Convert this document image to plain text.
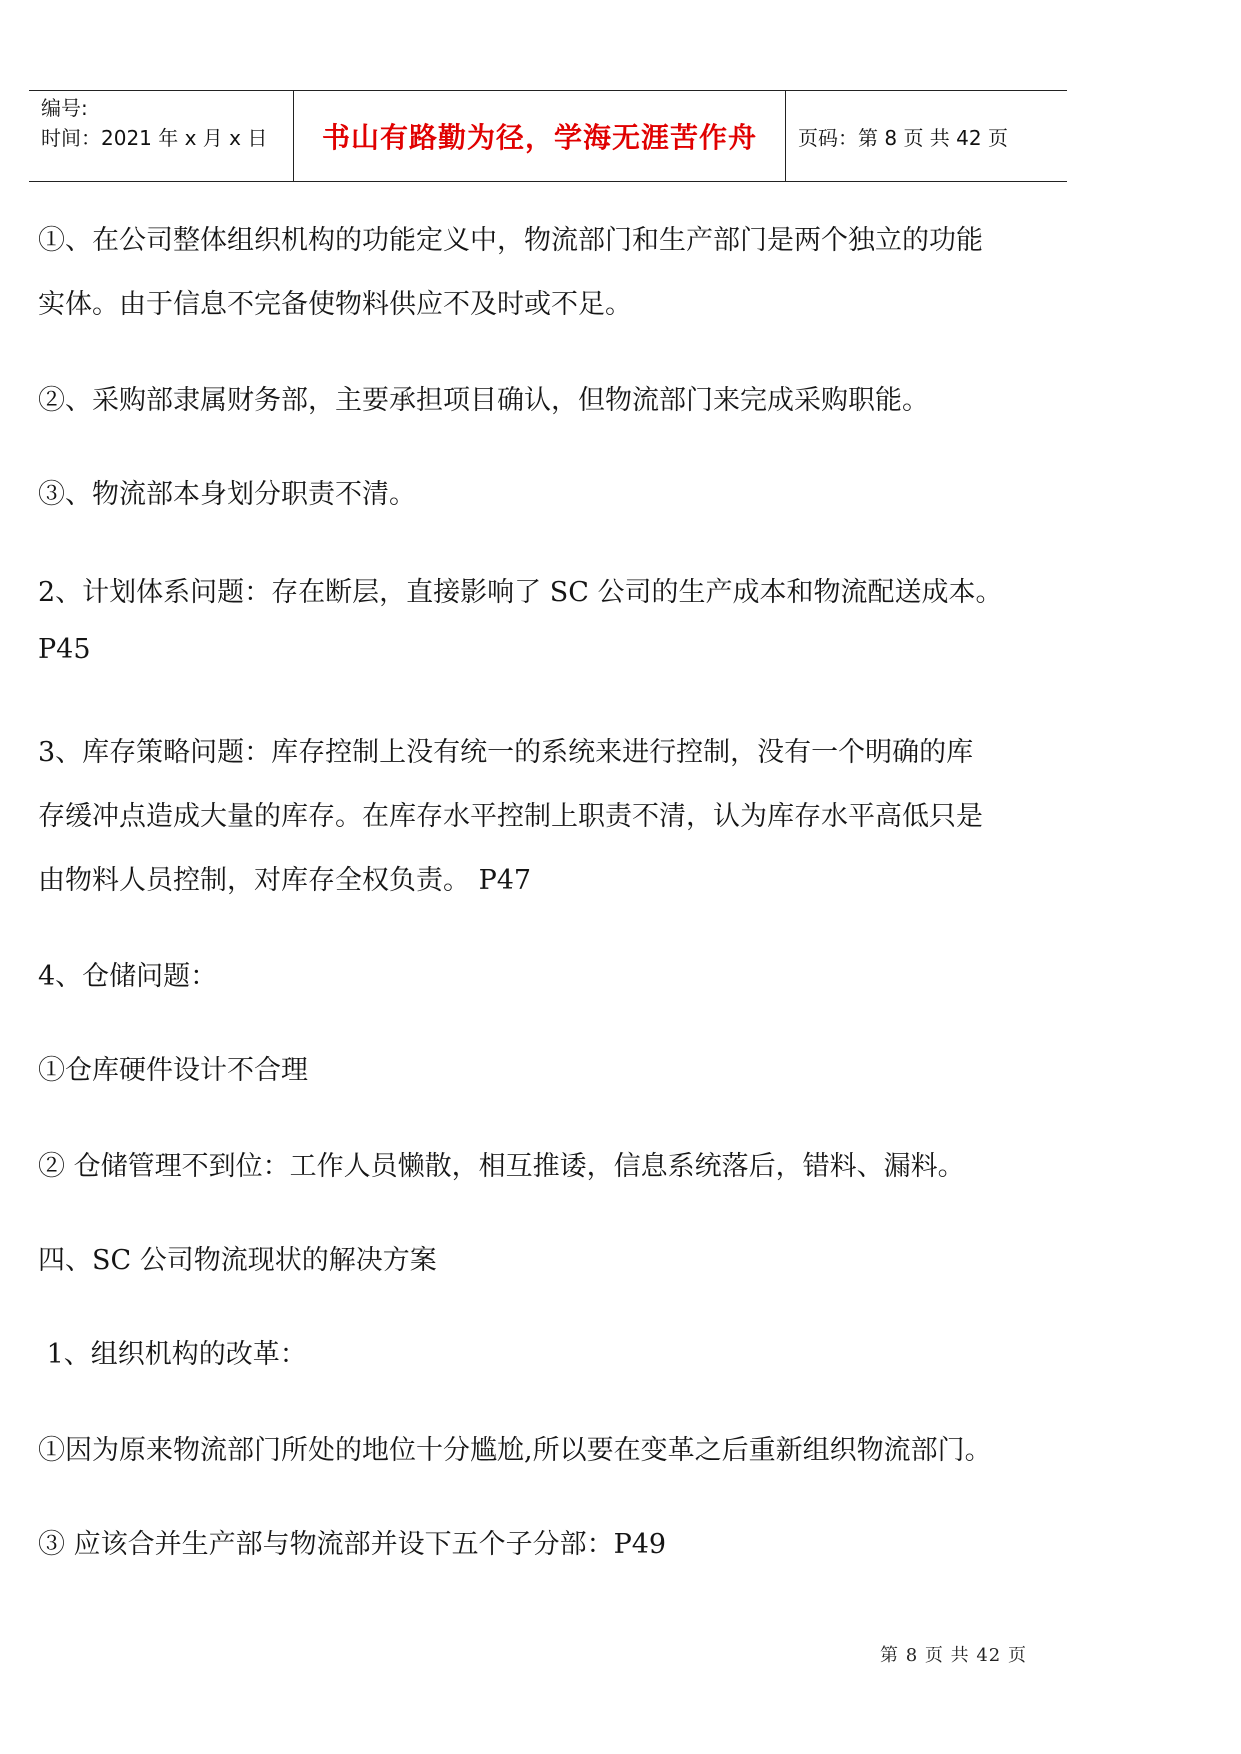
编号:
时间：2021 年 x 月 x 日	书山有路勤为径，学海无涯苦作舟 页码：第 8 页 共 42 页

①、在公司整体组织机构的功能定义中，物流部门和生产部门是两个独立的功能

实体。由于信息不完备使物料供应不及时或不足。

②、采购部隶属财务部，主要承担项目确认，但物流部门来完成采购职能。

③、物流部本身划分职责不清。

2、计划体系问题：存在断层，直接影响了 SC 公司的生产成本和物流配送成本。

P45

3、库存策略问题：库存控制上没有统一的系统来进行控制，没有一个明确的库

存缓冲点造成大量的库存。在库存水平控制上职责不清，认为库存水平高低只是

由物料人员控制，对库存全权负责。 P47

4、仓储问题：

①仓库硬件设计不合理

② 仓储管理不到位：工作人员懒散，相互推诿，信息系统落后，错料、漏料。

四、SC 公司物流现状的解决方案

1、组织机构的改革：

①因为原来物流部门所处的地位十分尴尬,所以要在变革之后重新组织物流部门。

③ 应该合并生产部与物流部并设下五个子分部：P49

第 8 页 共 42 页
